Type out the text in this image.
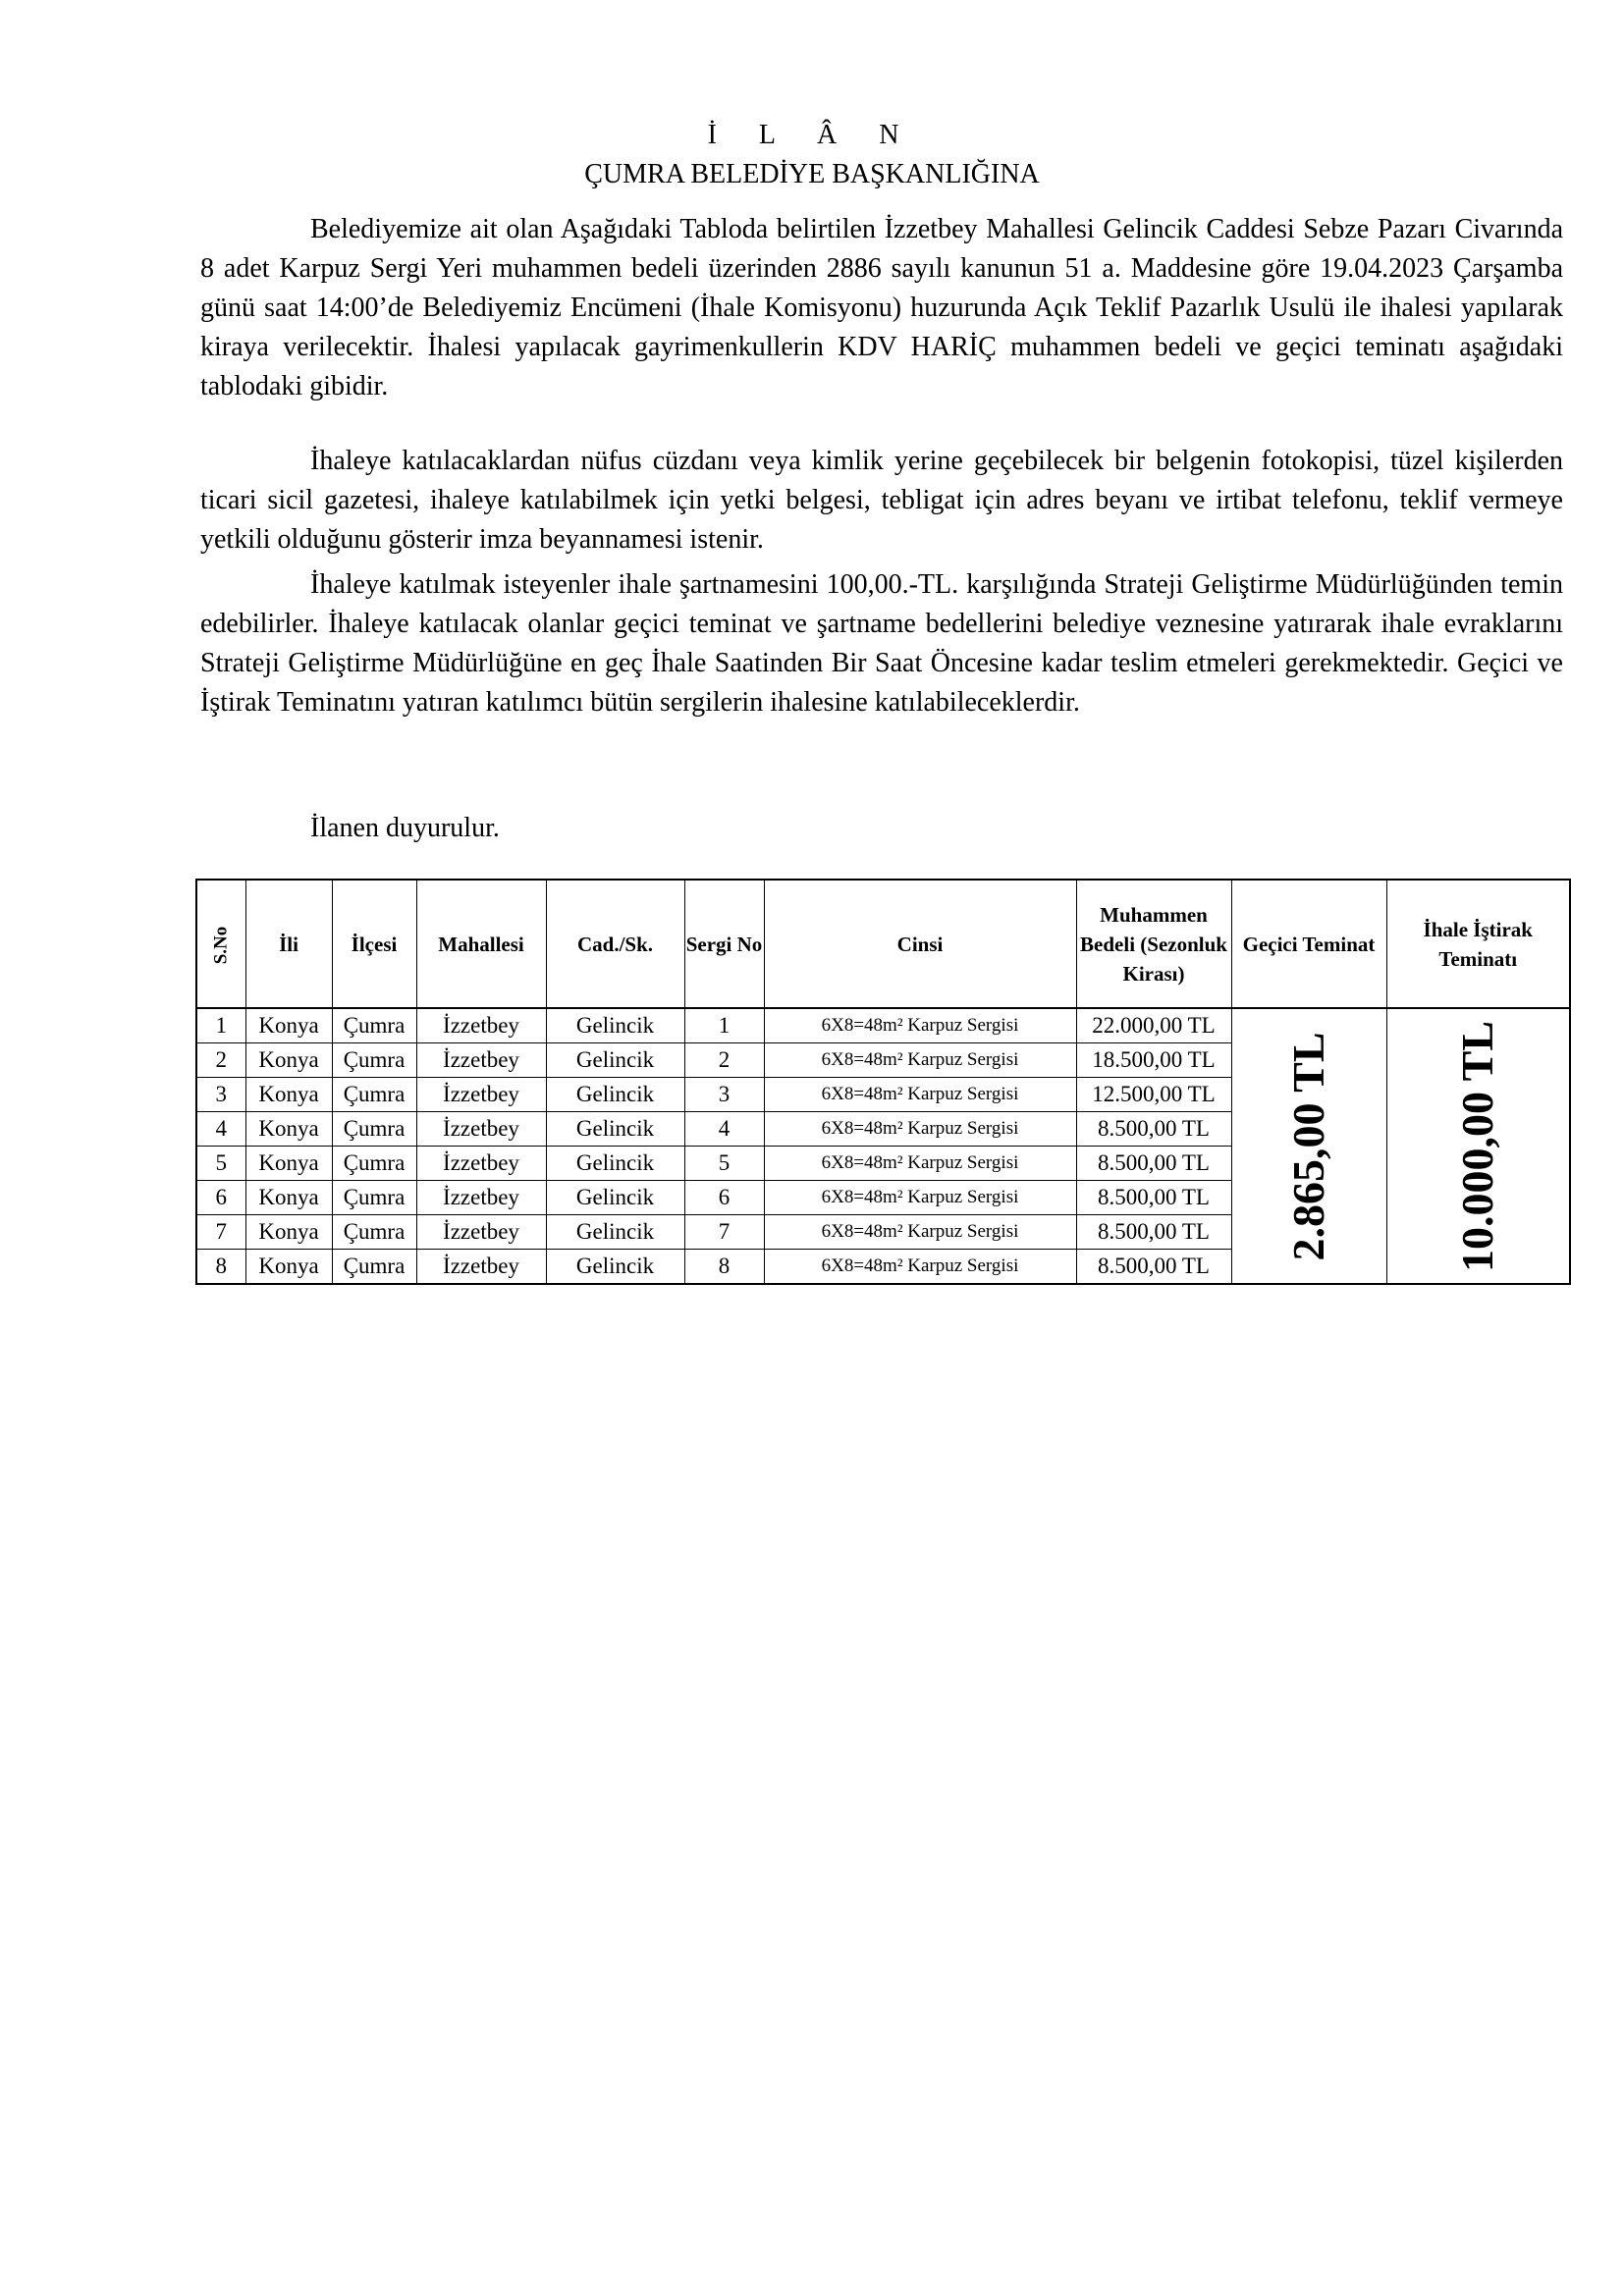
İ L Â N
ÇUMRA BELEDİYE BAŞKANLIĞINA

Belediyemize ait olan Aşağıdaki Tabloda belirtilen İzzetbey Mahallesi Gelincik Caddesi Sebze Pazarı Civarında 8 adet Karpuz Sergi Yeri muhammen bedeli üzerinden 2886 sayılı kanunun 51 a. Maddesine göre 19.04.2023 Çarşamba günü saat 14:00’de Belediyemiz Encümeni (İhale Komisyonu) huzurunda Açık Teklif Pazarlık Usulü ile ihalesi yapılarak kiraya verilecektir. İhalesi yapılacak gayrimenkullerin KDV HARİÇ muhammen bedeli ve geçici teminatı aşağıdaki tablodaki gibidir.

İhaleye katılacaklardan nüfus cüzdanı veya kimlik yerine geçebilecek bir belgenin fotokopisi, tüzel kişilerden ticari sicil gazetesi, ihaleye katılabilmek için yetki belgesi, tebligat için adres beyanı ve irtibat telefonu, teklif vermeye yetkili olduğunu gösterir imza beyannamesi istenir.

İhaleye katılmak isteyenler ihale şartnamesini 100,00.-TL. karşılığında Strateji Geliştirme Müdürlüğünden temin edebilirler. İhaleye katılacak olanlar geçici teminat ve şartname bedellerini belediye veznesine yatırarak ihale evraklarını Strateji Geliştirme Müdürlüğüne en geç İhale Saatinden Bir Saat Öncesine kadar teslim etmeleri gerekmektedir. Geçici ve İştirak Teminatını yatıran katılımcı bütün sergilerin ihalesine katılabileceklerdir.

İlanen duyurulur.

S.No	İli	İlçesi	Mahallesi	Cad./Sk.	Sergi No	Cinsi	Muhammen Bedeli (Sezonluk Kirası)	Geçici Teminat	İhale İştirak Teminatı
1	Konya	Çumra	İzzetbey	Gelincik	1	6X8=48m² Karpuz Sergisi	22.000,00 TL	2.865,00 TL	10.000,00 TL

2	Konya	Çumra	İzzetbey	Gelincik	2	6X8=48m² Karpuz Sergisi	18.500,00 TL		
3	Konya	Çumra	İzzetbey	Gelincik	3	6X8=48m² Karpuz Sergisi	12.500,00 TL		
4	Konya	Çumra	İzzetbey	Gelincik	4	6X8=48m² Karpuz Sergisi	8.500,00 TL		
5	Konya	Çumra	İzzetbey	Gelincik	5	6X8=48m² Karpuz Sergisi	8.500,00 TL		
6	Konya	Çumra	İzzetbey	Gelincik	6	6X8=48m² Karpuz Sergisi	8.500,00 TL		
7	Konya	Çumra	İzzetbey	Gelincik	7	6X8=48m² Karpuz Sergisi	8.500,00 TL		
8	Konya	Çumra	İzzetbey	Gelincik	8	6X8=48m² Karpuz Sergisi	8.500,00 TL		
